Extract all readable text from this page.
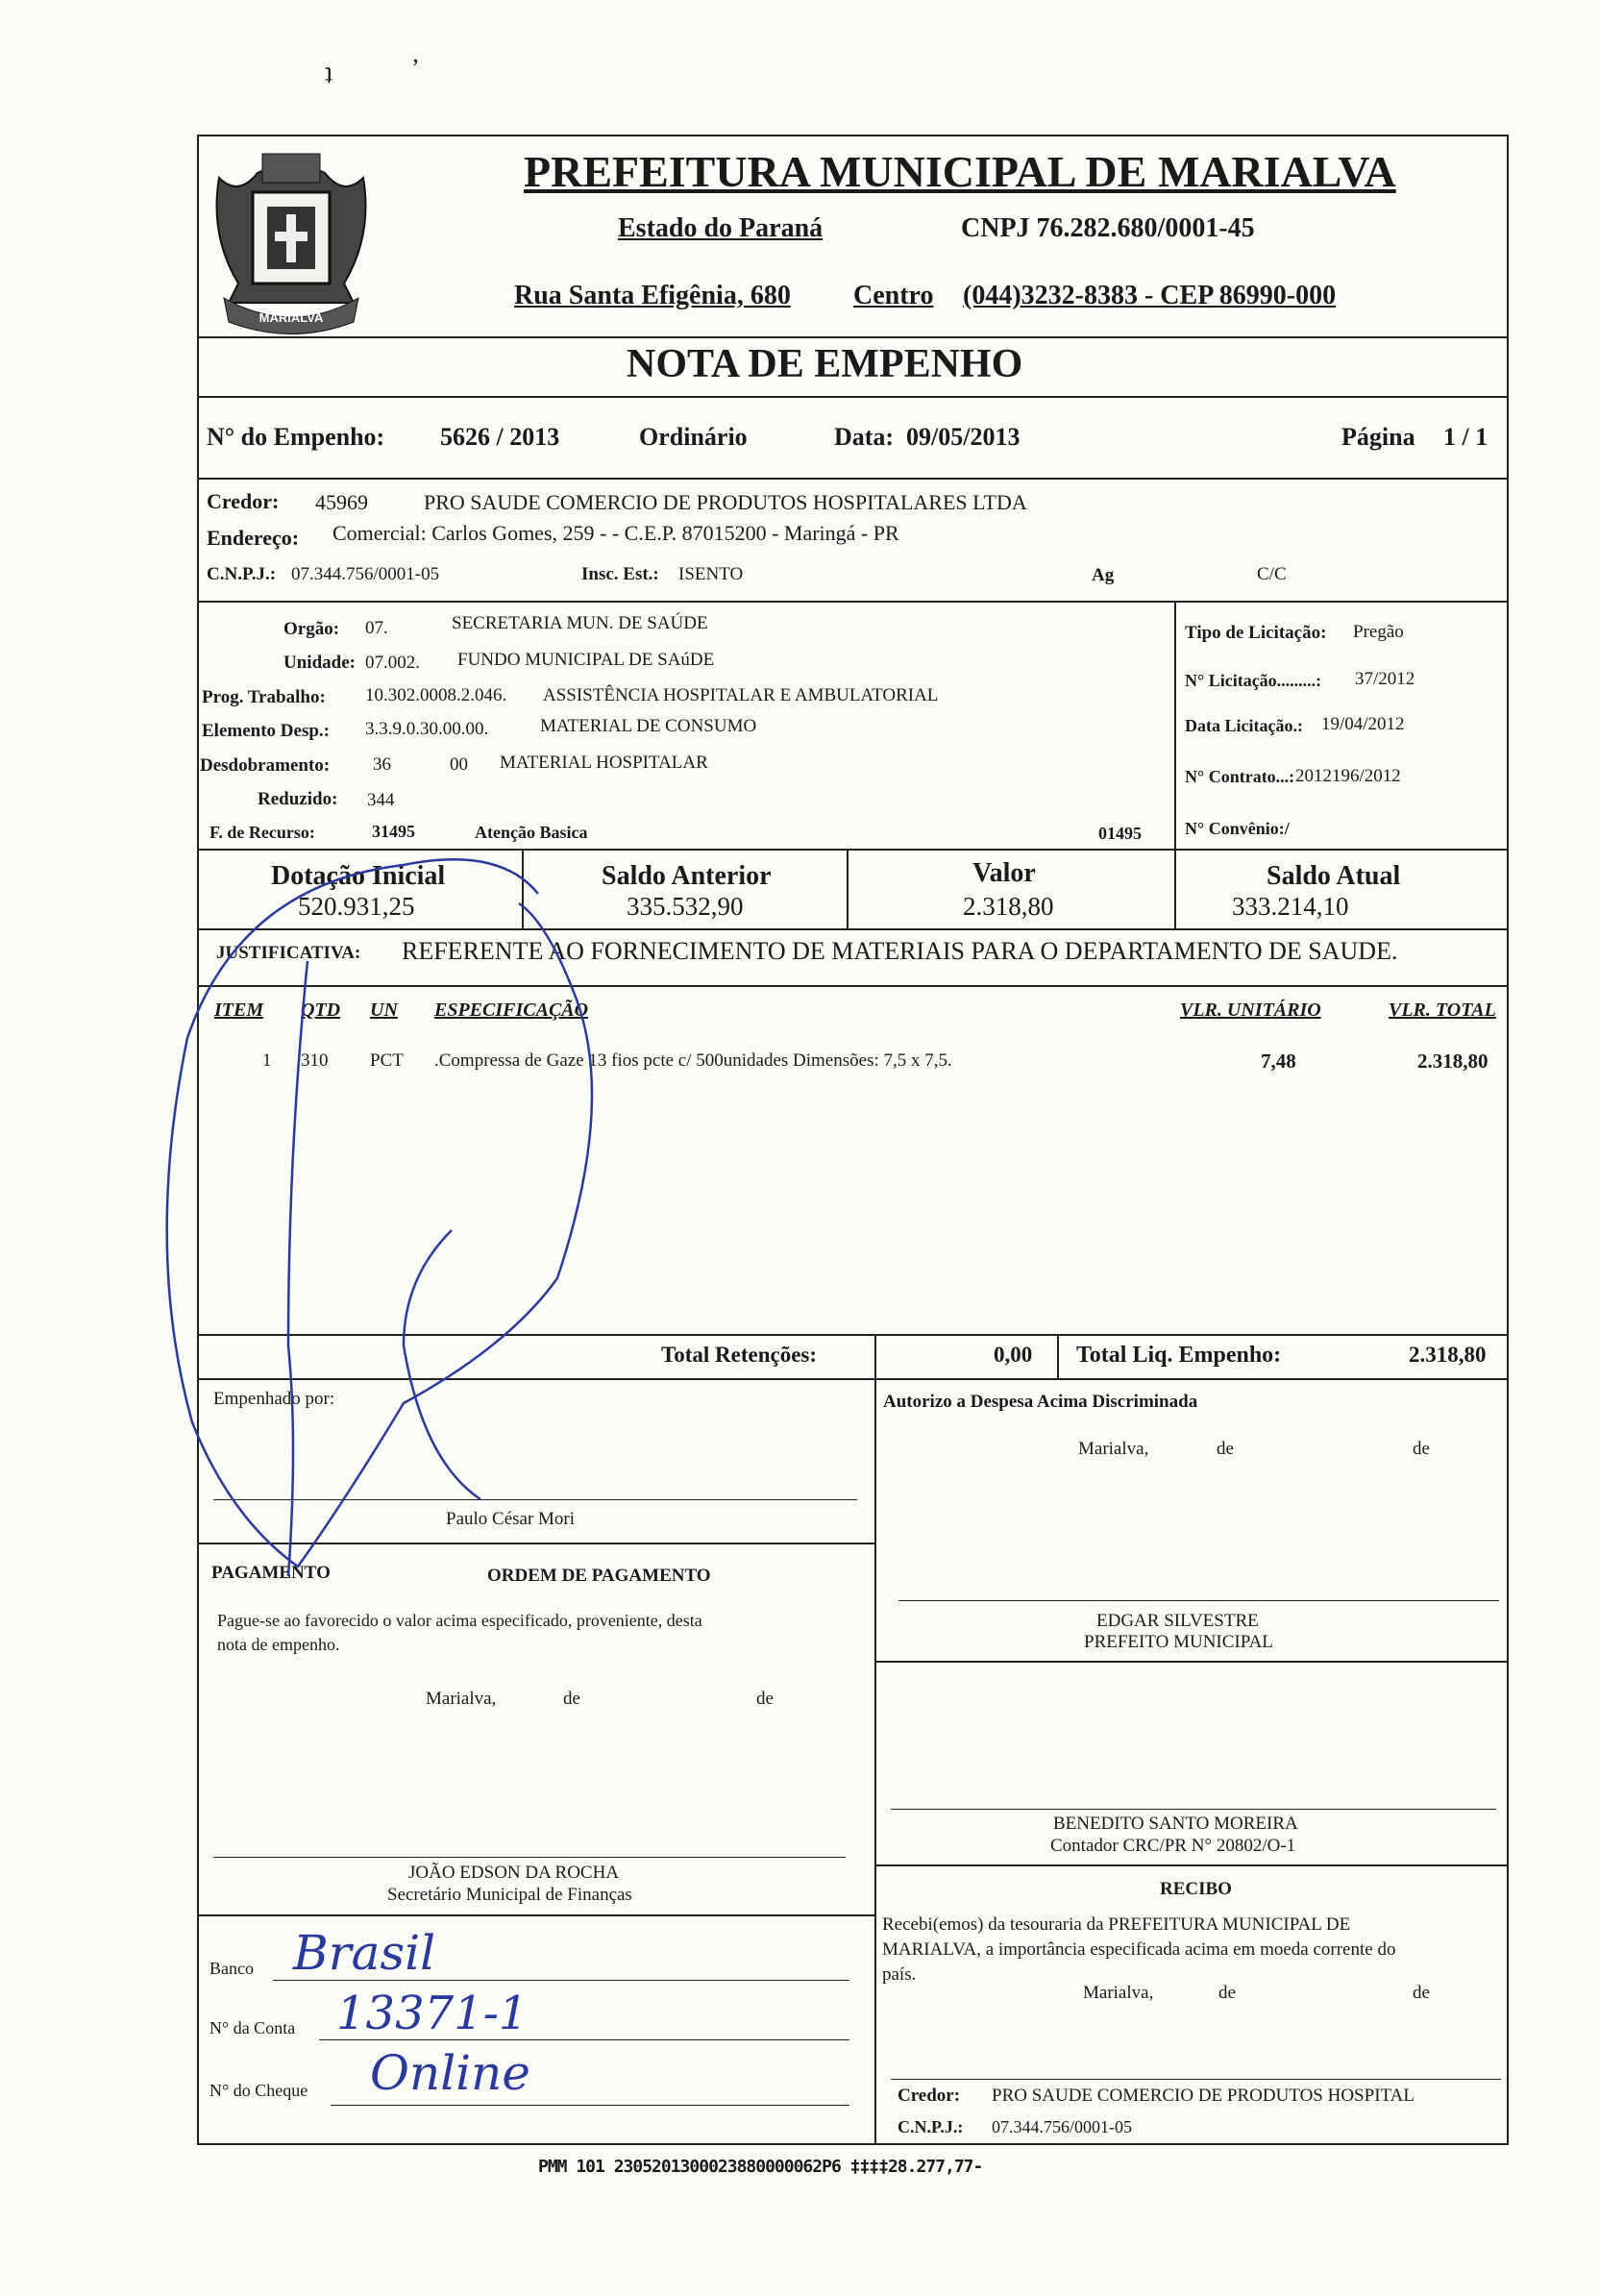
ʇ	ʼ
MARIALVA
PREFEITURA MUNICIPAL DE MARIALVA
Estado do Paraná	CNPJ 76.282.680/0001-45
Rua Santa Efigênia, 680 Centro (044)3232-8383 - CEP 86990-000
NOTA DE EMPENHO
N° do Empenho: 5626 / 2013	Ordinário	Data: 09/05/2013	Página 1 / 1
Credor: 45969	PRO SAUDE COMERCIO DE PRODUTOS HOSPITALARES LTDA
Endereço: Comercial: Carlos Gomes, 259 - - C.E.P. 87015200 - Maringá - PR
C.N.P.J.: 07.344.756/0001-05	Insc. Est.: ISENTO	Ag	C/C
Orgão: 07.	SECRETARIA MUN. DE SAÚDE
Unidade: 07.002. FUNDO MUNICIPAL DE SAúDE
Prog. Trabalho: 10.302.0008.2.046. ASSISTÊNCIA HOSPITALAR E AMBULATORIAL
Elemento Desp.: 3.3.9.0.30.00.00.	MATERIAL DE CONSUMO
Desdobramento: 36	00 MATERIAL HOSPITALAR
Reduzido: 344
F. de Recurso:	31495	Atenção Basica	01495
Tipo de Licitação: Pregão
N° Licitação.........: 37/2012
Data Licitação.: 19/04/2012
N° Contrato...: 2012196/2012
N° Convênio:/
Dotação Inicial
520.931,25
Saldo Anterior
335.532,90
Valor
2.318,80
Saldo Atual
333.214,10
JUSTIFICATIVA: REFERENTE AO FORNECIMENTO DE MATERIAIS PARA O DEPARTAMENTO DE SAUDE.
ITEM QTD UN ESPECIFICAÇÃO	VLR. UNITÁRIO	VLR. TOTAL
1 310 PCT .Compressa de Gaze 13 fios pcte c/ 500unidades Dimensões: 7,5 x 7,5.	7,48	2.318,80
Total Retenções:	0,00 Total Liq. Empenho:	2.318,80
Empenhado por:
Paulo César Mori
Autorizo a Despesa Acima Discriminada
Marialva,	de	de
EDGAR SILVESTRE
PREFEITO MUNICIPAL
PAGAMENTO	ORDEM DE PAGAMENTO
Pague-se ao favorecido o valor acima especificado, proveniente, desta
nota de empenho.
Marialva,	de	de
BENEDITO SANTO MOREIRA
Contador CRC/PR N° 20802/O-1
JOÃO EDSON DA ROCHA
Secretário Municipal de Finanças
Banco Brasil
N° da Conta 13371-1
N° do Cheque Online
RECIBO
Recebi(emos) da tesouraria da PREFEITURA MUNICIPAL DE
MARIALVA, a importância especificada acima em moeda corrente do
país.
Marialva,	de	de
Credor: PRO SAUDE COMERCIO DE PRODUTOS HOSPITAL
C.N.P.J.: 07.344.756/0001-05
PMM 101 2305201300023880000062P6 ‡‡‡‡28.277,77-
